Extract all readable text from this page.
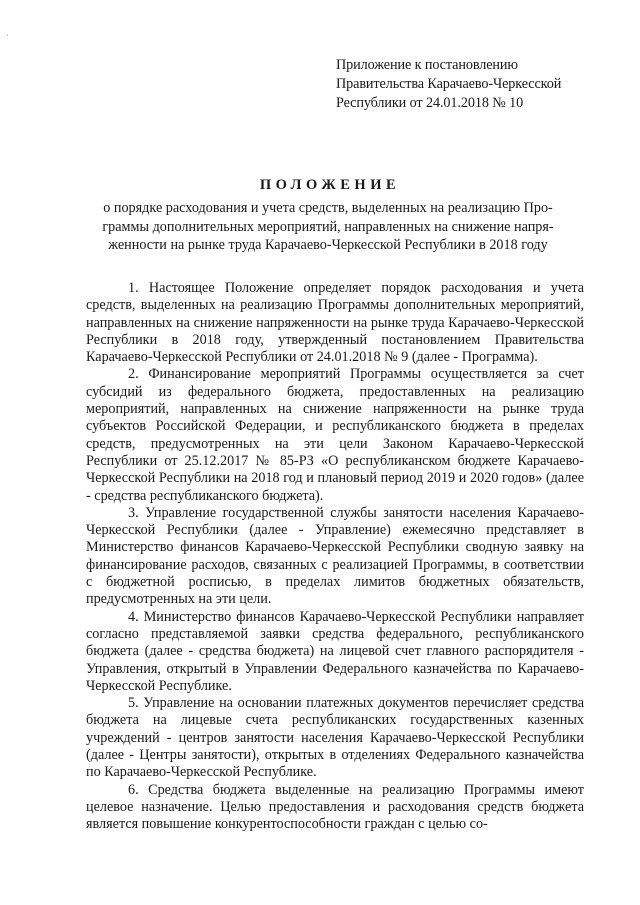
·
Приложение к постановлению
Правительства Карачаево-Черкесской
Республики от 24.01.2018 № 10
ПОЛОЖЕНИЕ
о порядке расходования и учета средств, выделенных на реализацию Про-
граммы дополнительных мероприятий, направленных на снижение напря-
женности на рынке труда Карачаево-Черкесской Республики в 2018 году

1. Настоящее Положение определяет порядок расходования и учета средств, выделенных на реализацию Программы дополнительных мероприятий, направленных на снижение напряженности на рынке труда Карачаево-Черкесской Республики в 2018 году, утвержденный постановлением Правительства Карачаево-Черкесской Республики от 24.01.2018 № 9 (далее - Программа).

2. Финансирование мероприятий Программы осуществляется за счет субсидий из федерального бюджета, предоставленных на реализацию мероприятий, направленных на снижение напряженности на рынке труда субъектов Российской Федерации, и республиканского бюджета в пределах средств, предусмотренных на эти цели Законом Карачаево-Черкесской Республики от 25.12.2017 № 85-РЗ «О республиканском бюджете Карачаево-Черкесской Республики на 2018 год и плановый период 2019 и 2020 годов» (далее - средства республиканского бюджета).

3. Управление государственной службы занятости населения Карачаево-Черкесской Республики (далее - Управление) ежемесячно представляет в Министерство финансов Карачаево-Черкесской Республики сводную заявку на финансирование расходов, связанных с реализацией Программы, в соответствии с бюджетной росписью, в пределах лимитов бюджетных обязательств, предусмотренных на эти цели.

4. Министерство финансов Карачаево-Черкесской Республики направляет согласно представляемой заявки средства федерального, республиканского бюджета (далее - средства бюджета) на лицевой счет главного распорядителя - Управления, открытый в Управлении Федерального казначейства по Карачаево-Черкесской Республике.

5. Управление на основании платежных документов перечисляет средства бюджета на лицевые счета республиканских государственных казенных учреждений - центров занятости населения Карачаево-Черкесской Республики (далее - Центры занятости), открытых в отделениях Федерального казначейства по Карачаево-Черкесской Республике.

6. Средства бюджета выделенные на реализацию Программы имеют целевое назначение. Целью предоставления и расходования средств бюджета является повышение конкурентоспособности граждан с целью со-
